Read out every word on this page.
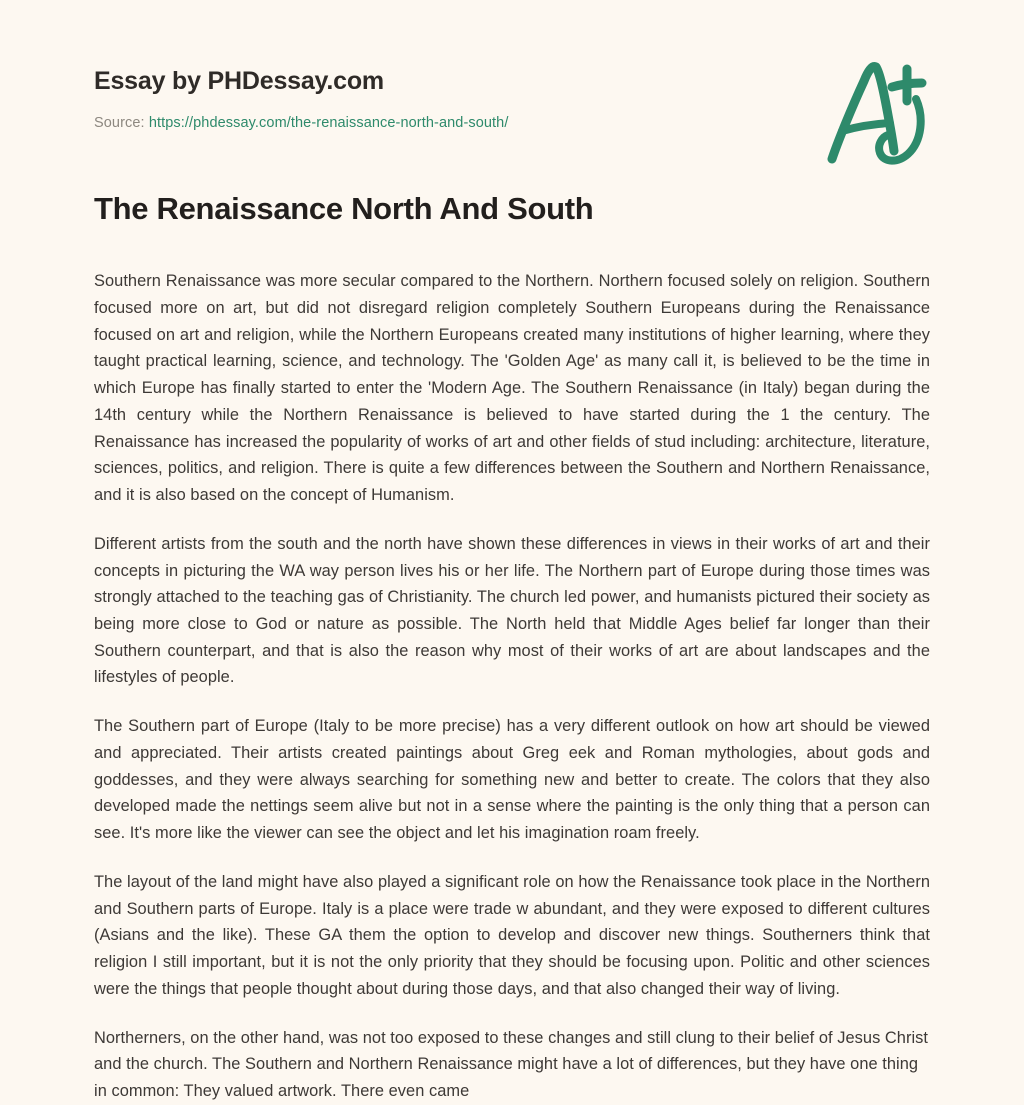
Essay by PHDessay.com
Source: https://phdessay.com/the-renaissance-north-and-south/
The Renaissance North And South

Southern Renaissance was more secular compared to the Northern. Northern focused solely on religion. Southern focused more on art, but did not disregard religion completely Southern Europeans during the Renaissance focused on art and religion, while the Northern Europeans created many institutions of higher learning, where they taught practical learning, science, and technology. The 'Golden Age' as many call it, is believed to be the time in which Europe has finally started to enter the 'Modern Age. The Southern Renaissance (in Italy) began during the 14th century while the Northern Renaissance is believed to have started during the 1 the century. The Renaissance has increased the popularity of works of art and other fields of stud including: architecture, literature, sciences, politics, and religion. There is quite a few differences between the Southern and Northern Renaissance, and it is also based on the concept of Humanism.

Different artists from the south and the north have shown these differences in views in their works of art and their concepts in picturing the WA way person lives his or her life. The Northern part of Europe during those times was strongly attached to the teaching gas of Christianity. The church led power, and humanists pictured their society as being more close to God or nature as possible. The North held that Middle Ages belief far longer than their Southern counterpart, and that is also the reason why most of their works of art are about landscapes and the lifestyles of people.

The Southern part of Europe (Italy to be more precise) has a very different outlook on how art should be viewed and appreciated. Their artists created paintings about Greg eek and Roman mythologies, about gods and goddesses, and they were always searching for something new and better to create. The colors that they also developed made the nettings seem alive but not in a sense where the painting is the only thing that a person can see. It's more like the viewer can see the object and let his imagination roam freely.

The layout of the land might have also played a significant role on how the Renaissance took place in the Northern and Southern parts of Europe. Italy is a place were trade w abundant, and they were exposed to different cultures (Asians and the like). These GA them the option to develop and discover new things. Southerners think that religion I still important, but it is not the only priority that they should be focusing upon. Politic and other sciences were the things that people thought about during those days, and that also changed their way of living.

Northerners, on the other hand, was not too exposed to these changes and still clung to their belief of Jesus Christ and the church. The Southern and Northern Renaissance might have a lot of differences, but they have one thing in common: They valued artwork. There even came
